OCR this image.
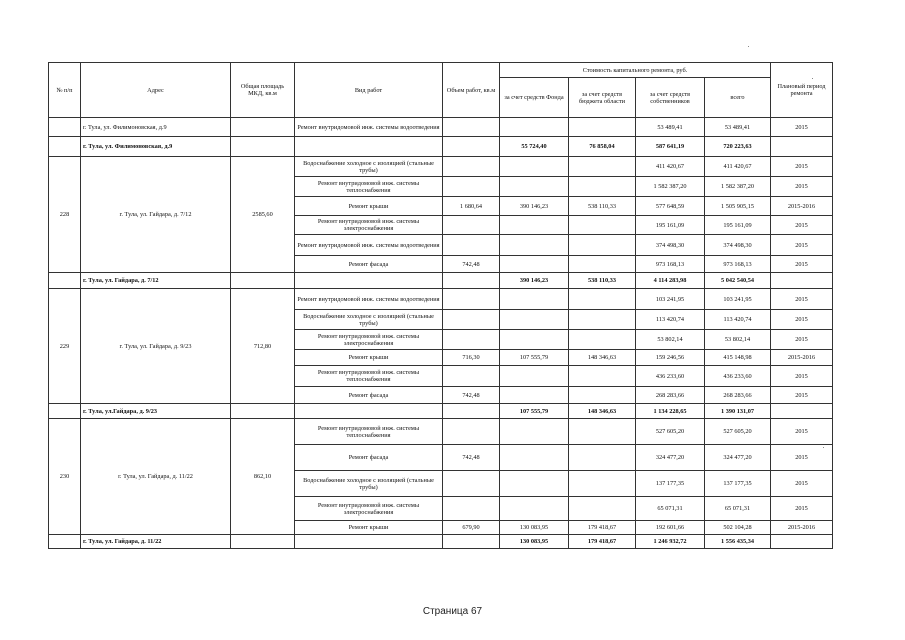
№ п/п	Адрес	Общая площадь МКД, кв.м	Вид работ	Объем работ, кв.м	Стоимость капитального ремонта, руб.				Плановый период ремонта
					за счет средств Фонда	за счет средств бюджета области	за счет средств собственников	всего	
	г. Тула, ул. Филимоновская, д.9		Ремонт внутридомовой инж. системы водоотведения				53 489,41	53 489,41	2015
	г. Тула, ул. Филимоновская, д.9				55 724,40	76 858,04	587 641,19	720 223,63	
228	г. Тула, ул. Гайдара, д. 7/12	2585,60	Водоснабжение холодное с изоляцией (стальные трубы)				411 420,67	411 420,67	2015
			Ремонт внутридомовой инж. системы теплоснабжения				1 582 387,20	1 582 387,20	2015
			Ремонт крыши	1 680,64	390 146,23	538 110,33	577 648,59	1 505 905,15	2015-2016
			Ремонт внутридомовой инж. системы электроснабжения				195 161,09	195 161,09	2015
			Ремонт внутридомовой инж. системы водоотведения				374 498,30	374 498,30	2015
			Ремонт фасада	742,48			973 168,13	973 168,13	2015
	г. Тула, ул. Гайдара, д. 7/12				390 146,23	538 110,33	4 114 283,98	5 042 540,54	
229	г. Тула, ул. Гайдара, д. 9/23	712,80	Ремонт внутридомовой инж. системы водоотведения				103 241,95	103 241,95	2015
			Водоснабжение холодное с изоляцией (стальные трубы)				113 420,74	113 420,74	2015
			Ремонт внутридомовой инж. системы электроснабжения				53 802,14	53 802,14	2015
			Ремонт крыши	716,30	107 555,79	148 346,63	159 246,56	415 148,98	2015-2016
			Ремонт внутридомовой инж. системы теплоснабжения				436 233,60	436 233,60	2015
			Ремонт фасада	742,48			268 283,66	268 283,66	2015
	г. Тула, ул.Гайдара, д. 9/23				107 555,79	148 346,63	1 134 228,65	1 390 131,07	
230	г. Тула, ул. Гайдара, д. 11/22	862,10	Ремонт внутридомовой инж. системы теплоснабжения				527 605,20	527 605,20	2015
			Ремонт фасада	742,48			324 477,20	324 477,20	2015
			Водоснабжение холодное с изоляцией (стальные трубы)				137 177,35	137 177,35	2015
			Ремонт внутридомовой инж. системы электроснабжения				65 071,31	65 071,31	2015
			Ремонт крыши	679,90	130 083,95	179 418,67	192 601,66	502 104,28	2015-2016
	г. Тула, ул. Гайдара, д. 11/22				130 083,95	179 418,67	1 246 932,72	1 556 435,34	
Страница 67
